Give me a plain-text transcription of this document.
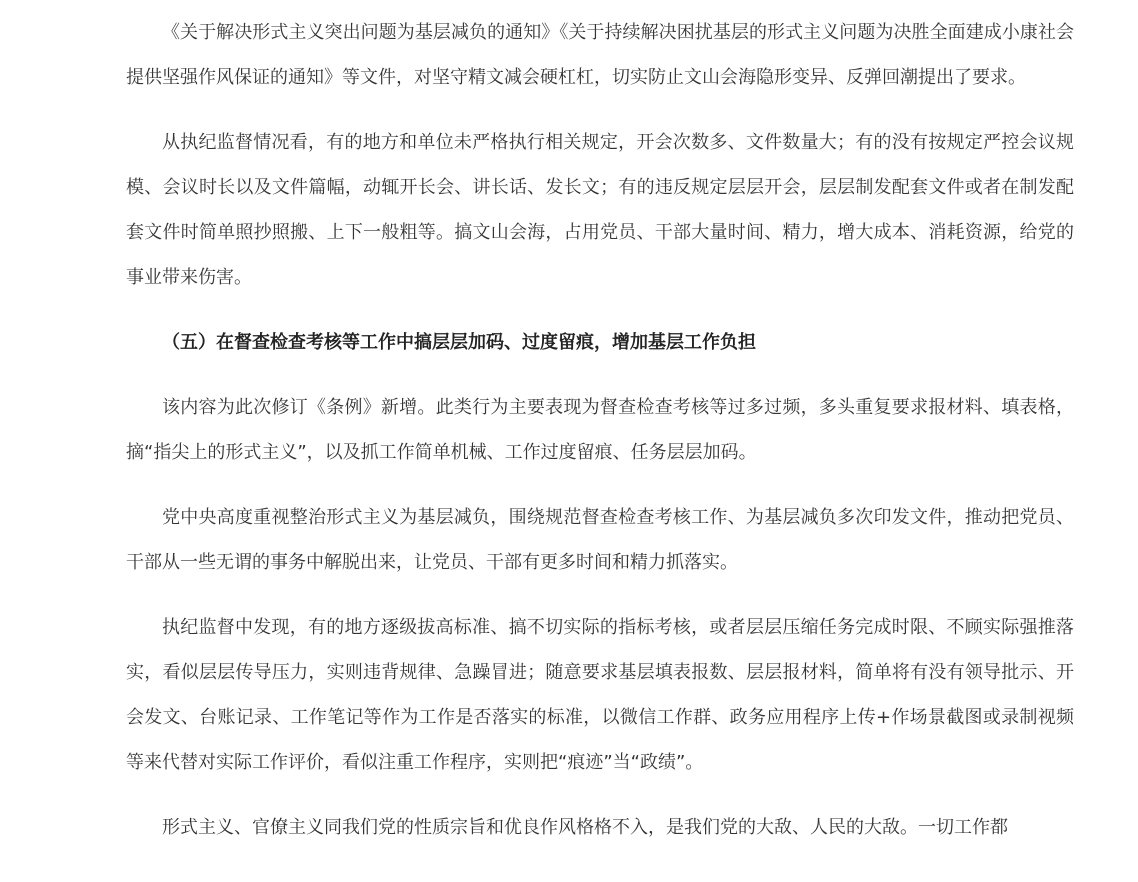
《关于解决形式主义突出问题为基层减负的通知》《关于持续解决困扰基层的形式主义问题为决胜全面建成小康社会提供坚强作风保证的通知》等文件，对坚守精文减会硬杠杠，切实防止文山会海隐形变异、反弹回潮提出了要求。

从执纪监督情况看，有的地方和单位未严格执行相关规定，开会次数多、文件数量大；有的没有按规定严控会议规模、会议时长以及文件篇幅，动辄开长会、讲长话、发长文；有的违反规定层层开会，层层制发配套文件或者在制发配套文件时简单照抄照搬、上下一般粗等。搞文山会海，占用党员、干部大量时间、精力，增大成本、消耗资源，给党的事业带来伤害。

（五）在督查检查考核等工作中搞层层加码、过度留痕，增加基层工作负担

该内容为此次修订《条例》新增。此类行为主要表现为督查检查考核等过多过频，多头重复要求报材料、填表格，摘“指尖上的形式主义”，以及抓工作简单机械、工作过度留痕、任务层层加码。

党中央高度重视整治形式主义为基层减负，围绕规范督查检查考核工作、为基层减负多次印发文件，推动把党员、干部从一些无谓的事务中解脱出来，让党员、干部有更多时间和精力抓落实。

执纪监督中发现，有的地方逐级拔高标准、搞不切实际的指标考核，或者层层压缩任务完成时限、不顾实际强推落实，看似层层传导压力，实则违背规律、急躁冒进；随意要求基层填表报数、层层报材料，简单将有没有领导批示、开会发文、台账记录、工作笔记等作为工作是否落实的标准，以微信工作群、政务应用程序上传+作场景截图或录制视频等来代替对实际工作评价，看似注重工作程序，实则把“痕迹”当“政绩”。

形式主义、官僚主义同我们党的性质宗旨和优良作风格格不入，是我们党的大敌、人民的大敌。一切工作都
